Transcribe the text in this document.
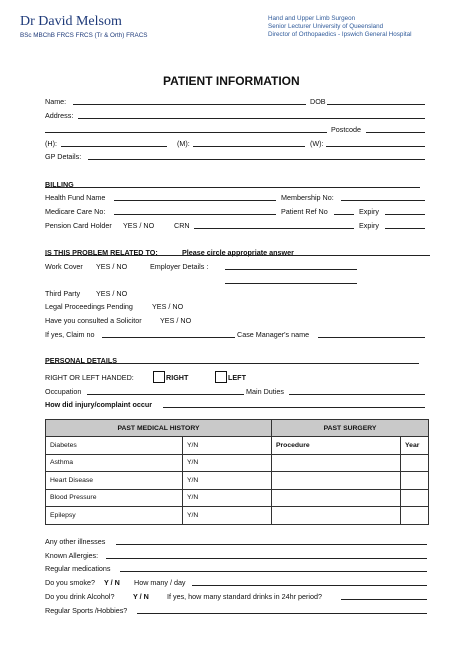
Dr David Melsom
BSc MBChB FRCS FRCS (Tr & Orth) FRACS
Hand and Upper Limb Surgeon
Senior Lecturer University of Queensland
Director of Orthopaedics - Ipswich General Hospital
PATIENT INFORMATION
Name:	DOB
Address:
Postcode
(H):	(M):	(W):
GP Details:
BILLING
Health Fund Name	Membership No:
Medicare Care No:	Patient Ref No	Expiry
Pension Card Holder YES / NO	CRN	Expiry
IS THIS PROBLEM RELATED TO:	Please circle appropriate answer
Work Cover YES / NO	Employer Details :
Third Party YES / NO
Legal Proceedings Pending	YES / NO
Have you consulted a Solicitor	YES / NO
If yes, Claim no	Case Manager's name
PERSONAL DETAILS
RIGHT OR LEFT HANDED:	RIGHT	LEFT
Occupation	Main Duties
How did injury/complaint occur
PAST MEDICAL HISTORY		PAST SURGERY	
Diabetes	Y/N	Procedure	Year
Asthma	Y/N		
Heart Disease	Y/N		
Blood Pressure	Y/N		
Epilepsy	Y/N		
Any other illnesses
Known Allergies:
Regular medications
Do you smoke? Y / N How many / day
Do you drink Alcohol?	Y / N	If yes, how many standard drinks in 24hr period?
Regular Sports /Hobbies?
